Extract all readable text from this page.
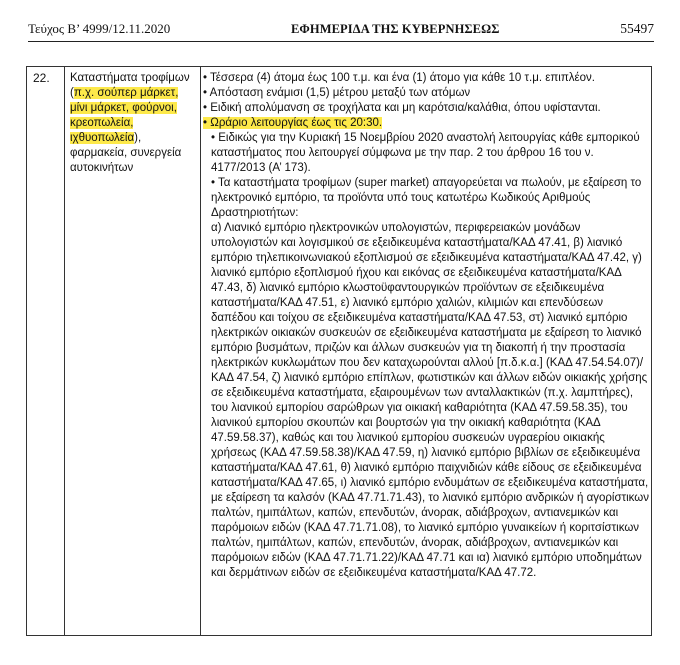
Τεύχος Β’ 4999/12.11.2020	ΕΦΗΜΕΡΙΔΑ ΤΗΣ ΚΥΒΕΡΝΗΣΕΩΣ	55497
22. Καταστήματα τροφίμων (π.χ. σούπερ μάρκετ, μίνι μάρκετ, φούρνοι, κρεοπωλεία, ιχθυοπωλεία), φαρμακεία, συνεργεία αυτοκινήτων
• Τέσσερα (4) άτομα έως 100 τ.μ. και ένα (1) άτομο για κάθε 10 τ.μ. επιπλέον.
• Απόσταση ενάμισι (1,5) μέτρου μεταξύ των ατόμων
• Ειδική απολύμανση σε τροχήλατα και μη καρότσια/καλάθια, όπου υφίστανται.
• Ωράριο λειτουργίας έως τις 20:30.
• Ειδικώς για την Κυριακή 15 Νοεμβρίου 2020 αναστολή λειτουργίας κάθε εμπορικού καταστήματος που λειτουργεί σύμφωνα με την παρ. 2 του άρθρου 16 του ν. 4177/2013 (Α’ 173).
• Τα καταστήματα τροφίμων (super market) απαγορεύεται να πωλούν, με εξαίρεση το ηλεκτρονικό εμπόριο, τα προϊόντα υπό τους κατωτέρω Κωδικούς Αριθμούς Δραστηριοτήτων:
α) Λιανικό εμπόριο ηλεκτρονικών υπολογιστών, περιφερειακών μονάδων υπολογιστών και λογισμικού σε εξειδικευμένα καταστήματα/ΚΑΔ 47.41, β) λιανικό εμπόριο τηλεπικοινωνιακού εξοπλισμού σε εξειδικευμένα καταστήματα/ΚΑΔ 47.42, γ) λιανικό εμπόριο εξοπλισμού ήχου και εικόνας σε εξειδικευμένα καταστήματα/ΚΑΔ 47.43, δ) λιανικό εμπόριο κλωστοϋφαντουργικών προϊόντων σε εξειδικευμένα καταστήματα/ΚΑΔ 47.51, ε) λιανικό εμπόριο χαλιών, κιλιμιών και επενδύσεων δαπέδου και τοίχου σε εξειδικευμένα καταστήματα/ΚΑΔ 47.53, στ) λιανικό εμπόριο ηλεκτρικών οικιακών συσκευών σε εξειδικευμένα καταστήματα με εξαίρεση το λιανικό εμπόριο βυσμάτων, πριζών και άλλων συσκευών για τη διακοπή ή την προστασία ηλεκτρικών κυκλωμάτων που δεν καταχωρούνται αλλού [π.δ.κ.α.] (ΚΑΔ 47.54.54.07)/ΚΑΔ 47.54, ζ) λιανικό εμπόριο επίπλων, φωτιστικών και άλλων ειδών οικιακής χρήσης σε εξειδικευμένα καταστήματα, εξαιρουμένων των ανταλλακτικών (π.χ. λαμπτήρες), του λιανικού εμπορίου σαρώθρων για οικιακή καθαριότητα (ΚΑΔ 47.59.58.35), του λιανικού εμπορίου σκουπών και βουρτσών για την οικιακή καθαριότητα (ΚΑΔ 47.59.58.37), καθώς και του λιανικού εμπορίου συσκευών υγραερίου οικιακής χρήσεως (ΚΑΔ 47.59.58.38)/ΚΑΔ 47.59, η) λιανικό εμπόριο βιβλίων σε εξειδικευμένα καταστήματα/ΚΑΔ 47.61, θ) λιανικό εμπόριο παιχνιδιών κάθε είδους σε εξειδικευμένα καταστήματα/ΚΑΔ 47.65, ι) λιανικό εμπόριο ενδυμάτων σε εξειδικευμένα καταστήματα, με εξαίρεση τα καλσόν (ΚΑΔ 47.71.71.43), το λιανικό εμπόριο ανδρικών ή αγορίστικων παλτών, ημιπάλτων, καπών, επενδυτών, άνορακ, αδιάβροχων, αντιανεμικών και παρόμοιων ειδών (ΚΑΔ 47.71.71.08), το λιανικό εμπόριο γυναικείων ή κοριτσίστικων παλτών, ημιπάλτων, καπών, επενδυτών, άνορακ, αδιάβροχων, αντιανεμικών και παρόμοιων ειδών (ΚΑΔ 47.71.71.22)/ΚΑΔ 47.71 και ια) λιανικό εμπόριο υποδημάτων και δερμάτινων ειδών σε εξειδικευμένα καταστήματα/ΚΑΔ 47.72.
